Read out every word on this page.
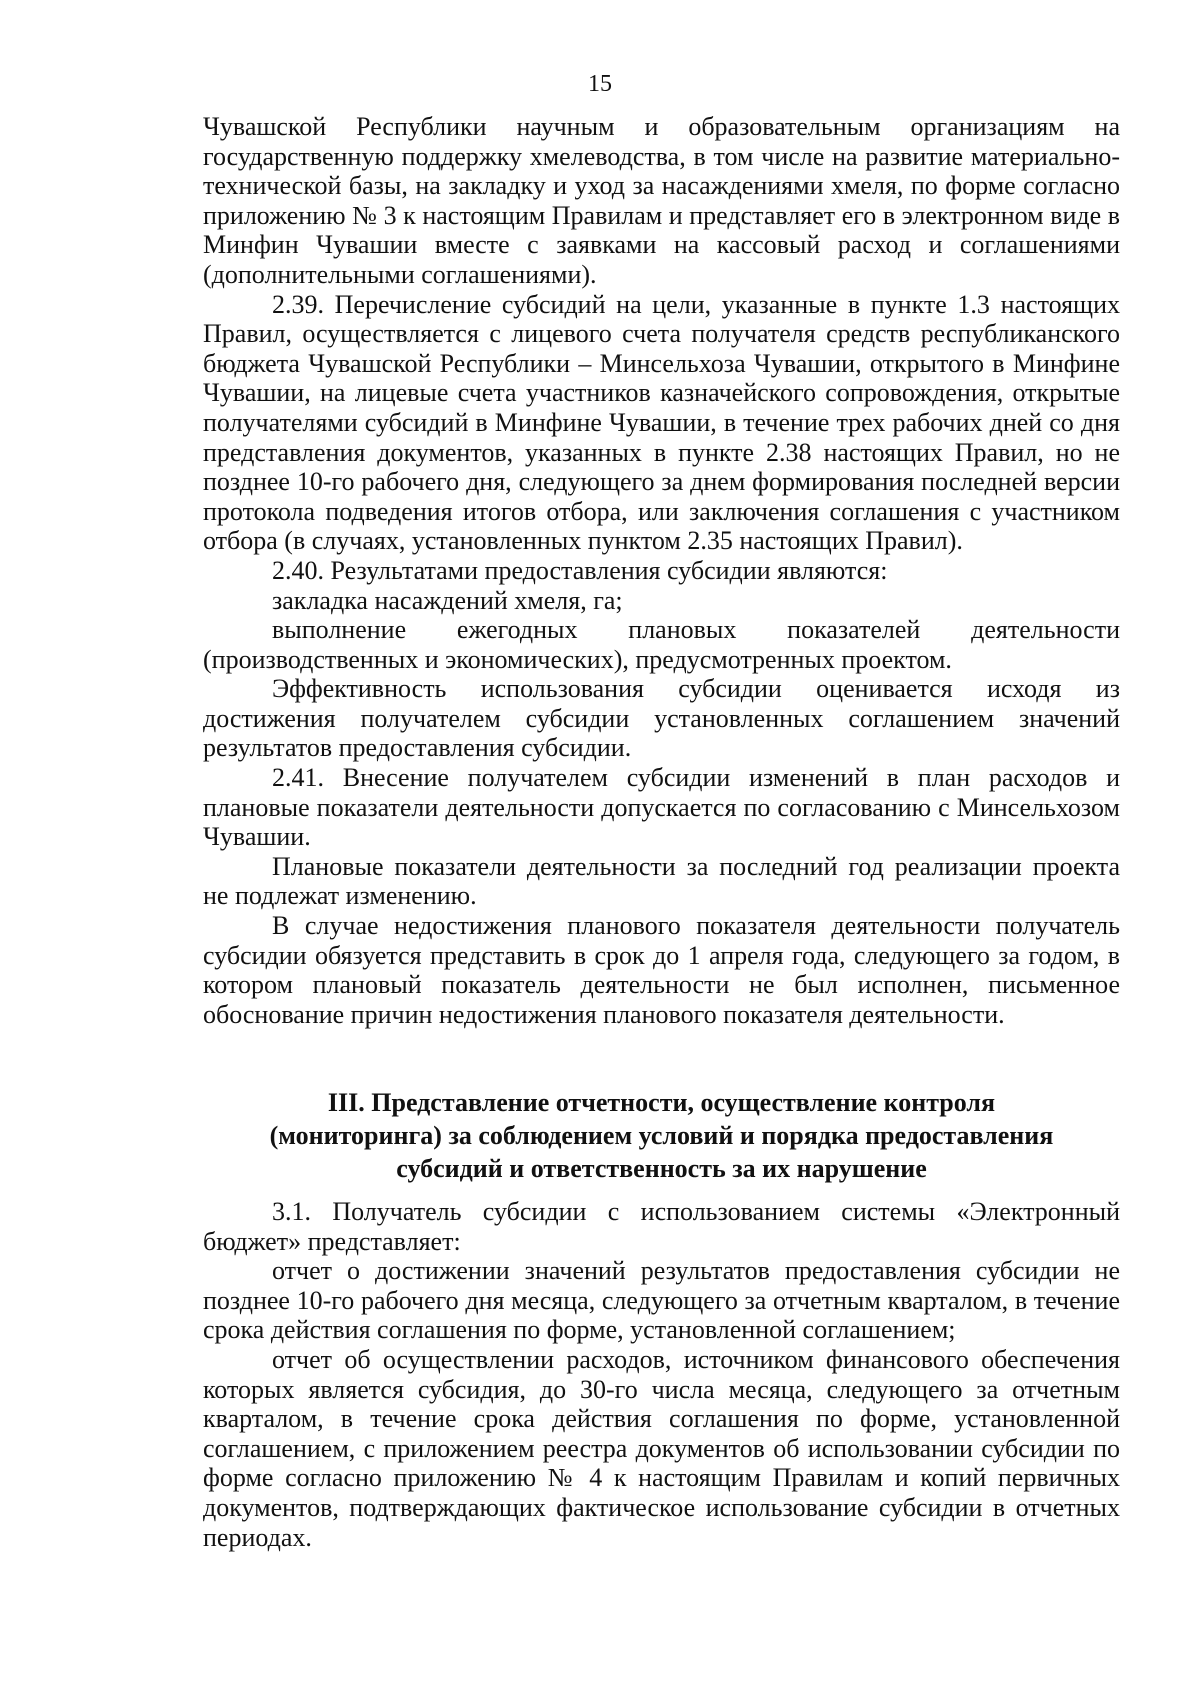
15

Чувашской Республики научным и образовательным организациям на государственную поддержку хмелеводства, в том числе на развитие материально-технической базы, на закладку и уход за насаждениями хмеля, по форме согласно приложению № 3 к настоящим Правилам и представляет его в электронном виде в Минфин Чувашии вместе с заявками на кассовый расход и соглашениями (дополнительными соглашениями).

2.39. Перечисление субсидий на цели, указанные в пункте 1.3 настоящих Правил, осуществляется с лицевого счета получателя средств республиканского бюджета Чувашской Республики – Минсельхоза Чувашии, открытого в Минфине Чувашии, на лицевые счета участников казначейского сопровождения, открытые получателями субсидий в Минфине Чувашии, в течение трех рабочих дней со дня представления документов, указанных в пункте 2.38 настоящих Правил, но не позднее 10-го рабочего дня, следующего за днем формирования последней версии протокола подведения итогов отбора, или заключения соглашения с участником отбора (в случаях, установленных пунктом 2.35 настоящих Правил).

2.40. Результатами предоставления субсидии являются:

закладка насаждений хмеля, га;

выполнение ежегодных плановых показателей деятельности (производственных и экономических), предусмотренных проектом.

Эффективность использования субсидии оценивается исходя из достижения получателем субсидии установленных соглашением значений результатов предоставления субсидии.

2.41. Внесение получателем субсидии изменений в план расходов и плановые показатели деятельности допускается по согласованию с Минсельхозом Чувашии.

Плановые показатели деятельности за последний год реализации проекта не подлежат изменению.

В случае недостижения планового показателя деятельности получатель субсидии обязуется представить в срок до 1 апреля года, следующего за годом, в котором плановый показатель деятельности не был исполнен, письменное обоснование причин недостижения планового показателя деятельности.

III. Представление отчетности, осуществление контроля
(мониторинга) за соблюдением условий и порядка предоставления
субсидий и ответственность за их нарушение

3.1. Получатель субсидии с использованием системы «Электронный бюджет» представляет:

отчет о достижении значений результатов предоставления субсидии не позднее 10-го рабочего дня месяца, следующего за отчетным кварталом, в течение срока действия соглашения по форме, установленной соглашением;

отчет об осуществлении расходов, источником финансового обеспечения которых является субсидия, до 30-го числа месяца, следующего за отчетным кварталом, в течение срока действия соглашения по форме, установленной соглашением, с приложением реестра документов об использовании субсидии по форме согласно приложению № 4 к настоящим Правилам и копий первичных документов, подтверждающих фактическое использование субсидии в отчетных периодах.
